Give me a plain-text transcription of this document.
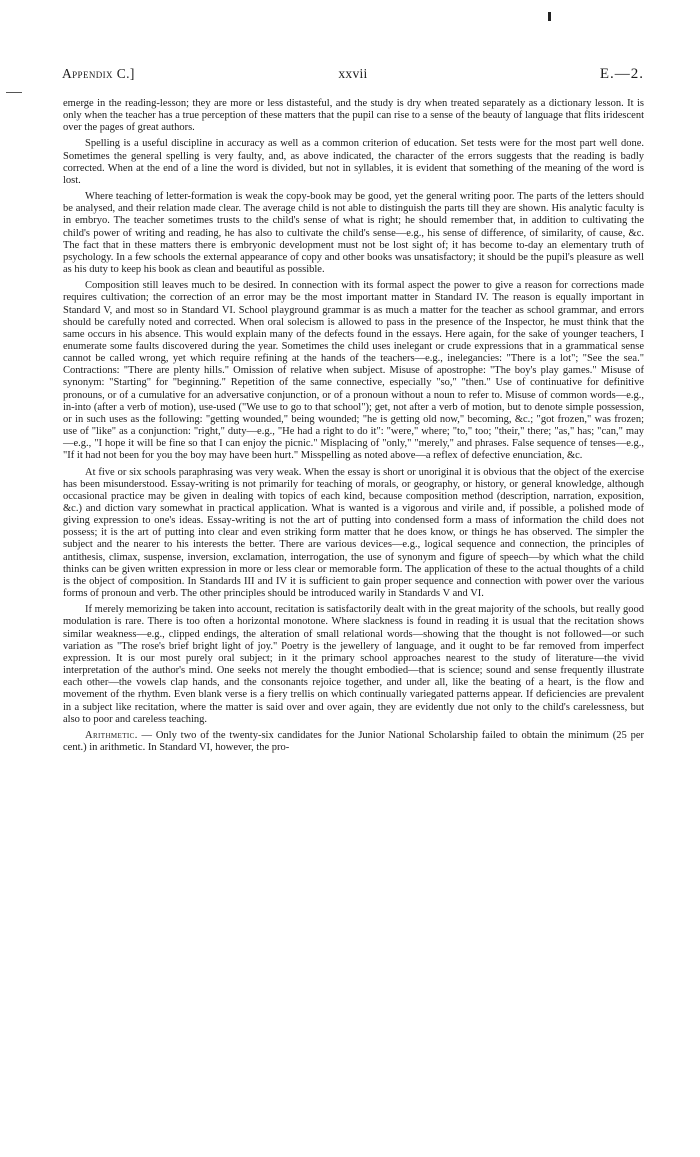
Appendix C.]	xxvii	E.—2.

emerge in the reading-lesson; they are more or less distasteful, and the study is dry when treated separately as a dictionary lesson. It is only when the teacher has a true perception of these matters that the pupil can rise to a sense of the beauty of language that flits iridescent over the pages of great authors.

Spelling is a useful discipline in accuracy as well as a common criterion of education. Set tests were for the most part well done. Sometimes the general spelling is very faulty, and, as above indicated, the character of the errors suggests that the reading is badly corrected. When at the end of a line the word is divided, but not in syllables, it is evident that something of the meaning of the word is lost.

Where teaching of letter-formation is weak the copy-book may be good, yet the general writing poor. The parts of the letters should be analysed, and their relation made clear. The average child is not able to distinguish the parts till they are shown. His analytic faculty is in embryo. The teacher sometimes trusts to the child's sense of what is right; he should remember that, in addition to cultivating the child's power of writing and reading, he has also to cultivate the child's sense—e.g., his sense of difference, of similarity, of cause, &c. The fact that in these matters there is embryonic development must not be lost sight of; it has become to-day an elementary truth of psychology. In a few schools the external appearance of copy and other books was unsatisfactory; it should be the pupil's pleasure as well as his duty to keep his book as clean and beautiful as possible.

Composition still leaves much to be desired. In connection with its formal aspect the power to give a reason for corrections made requires cultivation; the correction of an error may be the most important matter in Standard IV. The reason is equally important in Standard V, and most so in Standard VI. School playground grammar is as much a matter for the teacher as school grammar, and errors should be carefully noted and corrected. When oral solecism is allowed to pass in the presence of the Inspector, he must think that the same occurs in his absence. This would explain many of the defects found in the essays. Here again, for the sake of younger teachers, I enumerate some faults discovered during the year. Sometimes the child uses inelegant or crude expressions that in a grammatical sense cannot be called wrong, yet which require refining at the hands of the teachers—e.g., inelegancies: "There is a lot"; "See the sea." Contractions: "There are plenty hills." Omission of relative when subject. Misuse of apostrophe: "The boy's play games." Misuse of synonym: "Starting" for "beginning." Repetition of the same connective, especially "so," "then." Use of continuative for definitive pronouns, or of a cumulative for an adversative conjunction, or of a pronoun without a noun to refer to. Misuse of common words—e.g., in-into (after a verb of motion), use-used ("We use to go to that school"); get, not after a verb of motion, but to denote simple possession, or in such uses as the following: "getting wounded," being wounded; "he is getting old now," becoming, &c.; "got frozen," was frozen; use of "like" as a conjunction: "right," duty—e.g., "He had a right to do it": "were," where; "to," too; "their," there; "as," has; "can," may—e.g., "I hope it will be fine so that I can enjoy the picnic." Misplacing of "only," "merely," and phrases. False sequence of tenses—e.g., "If it had not been for you the boy may have been hurt." Misspelling as noted above—a reflex of defective enunciation, &c.

At five or six schools paraphrasing was very weak. When the essay is short or unoriginal it is obvious that the object of the exercise has been misunderstood. Essay-writing is not primarily for teaching of morals, or geography, or history, or general knowledge, although occasional practice may be given in dealing with topics of each kind, because composition method (description, narration, exposition, &c.) and diction vary somewhat in practical application. What is wanted is a vigorous and virile and, if possible, a polished mode of giving expression to one's ideas. Essay-writing is not the art of putting into condensed form a mass of information the child does not possess; it is the art of putting into clear and even striking form matter that he does know, or things he has observed. The simpler the subject and the nearer to his interests the better. There are various devices—e.g., logical sequence and connection, the principles of antithesis, climax, suspense, inversion, exclamation, interrogation, the use of synonym and figure of speech—by which what the child thinks can be given written expression in more or less clear or memorable form. The application of these to the actual thoughts of a child is the object of composition. In Standards III and IV it is sufficient to gain proper sequence and connection with power over the various forms of pronoun and verb. The other principles should be introduced warily in Standards V and VI.

If merely memorizing be taken into account, recitation is satisfactorily dealt with in the great majority of the schools, but really good modulation is rare. There is too often a horizontal monotone. Where slackness is found in reading it is usual that the recitation shows similar weakness—e.g., clipped endings, the alteration of small relational words—showing that the thought is not followed—or such variation as "The rose's brief bright light of joy." Poetry is the jewellery of language, and it ought to be far removed from imperfect expression. It is our most purely oral subject; in it the primary school approaches nearest to the study of literature—the vivid interpretation of the author's mind. One seeks not merely the thought embodied—that is science; sound and sense frequently illustrate each other—the vowels clap hands, and the consonants rejoice together, and under all, like the beating of a heart, is the flow and movement of the rhythm. Even blank verse is a fiery trellis on which continually variegated patterns appear. If deficiencies are prevalent in a subject like recitation, where the matter is said over and over again, they are evidently due not only to the child's carelessness, but also to poor and careless teaching.

Arithmetic. — Only two of the twenty-six candidates for the Junior National Scholarship failed to obtain the minimum (25 per cent.) in arithmetic. In Standard VI, however, the pro-
